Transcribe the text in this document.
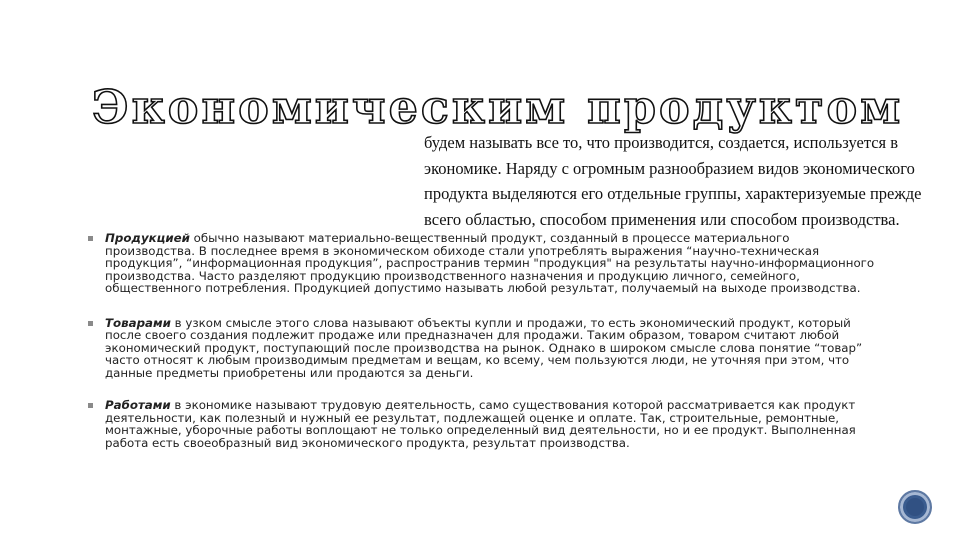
Экономическим продуктом

будем называть все то, что производится, создается, используется в экономике. Наряду с огромным разнообразием видов экономического продукта выделяются его отдельные группы, характеризуемые прежде всего областью, способом применения или способом производства.

Продукцией обычно называют материально-вещественный продукт, созданный в процессе материального производства. В последнее время в экономическом обиходе стали употреблять выражения “научно-техническая продукция”, “информационная продукция”, распространив термин "продукция" на результаты научно-информационного производства. Часто разделяют продукцию производственного назначения и продукцию личного, семейного, общественного потребления. Продукцией допустимо называть любой результат, получаемый на выходе производства.
Товарами в узком смысле этого слова называют объекты купли и продажи, то есть экономический продукт, который после своего создания подлежит продаже или предназначен для продажи. Таким образом, товаром считают любой экономический продукт, поступающий после производства на рынок. Однако в широком смысле слова понятие “товар” часто относят к любым производимым предметам и вещам, ко всему, чем пользуются люди, не уточняя при этом, что данные предметы приобретены или продаются за деньги.
Работами в экономике называют трудовую деятельность, само существования которой рассматривается как продукт деятельности, как полезный и нужный ее результат, подлежащей оценке и оплате. Так, строительные, ремонтные, монтажные, уборочные работы воплощают не только определенный вид деятельности, но и ее продукт. Выполненная работа есть своеобразный вид экономического продукта, результат производства.
